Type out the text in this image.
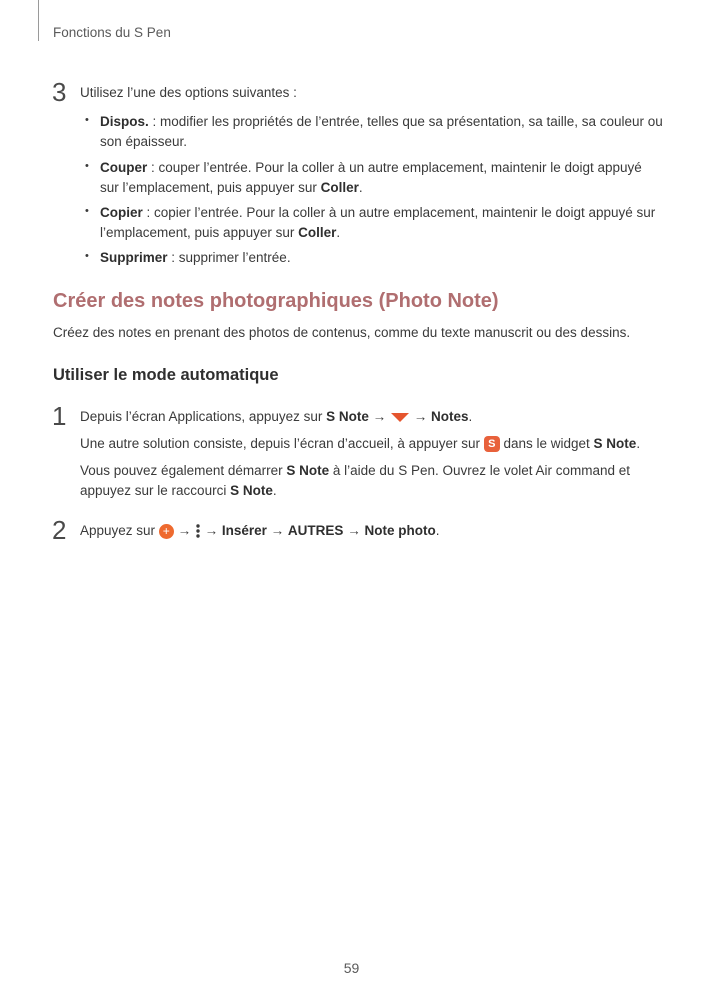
Fonctions du S Pen
3 Utilisez l’une des options suivantes :
• Dispos. : modifier les propriétés de l’entrée, telles que sa présentation, sa taille, sa couleur ou
son épaisseur.
• Couper : couper l’entrée. Pour la coller à un autre emplacement, maintenir le doigt appuyé
sur l’emplacement, puis appuyer sur Coller.
• Copier : copier l’entrée. Pour la coller à un autre emplacement, maintenir le doigt appuyé sur
l’emplacement, puis appuyer sur Coller.
• Supprimer : supprimer l’entrée.
Créer des notes photographiques (Photo Note)
Créez des notes en prenant des photos de contenus, comme du texte manuscrit ou des dessins.
Utiliser le mode automatique
1 Depuis l’écran Applications, appuyez sur S Note → → Notes.
Une autre solution consiste, depuis l’écran d’accueil, à appuyer sur S dans le widget S Note.
Vous pouvez également démarrer S Note à l’aide du S Pen. Ouvrez le volet Air command et
appuyez sur le raccourci S Note.
2 Appuyez sur + → → Insérer → AUTRES → Note photo.
59
